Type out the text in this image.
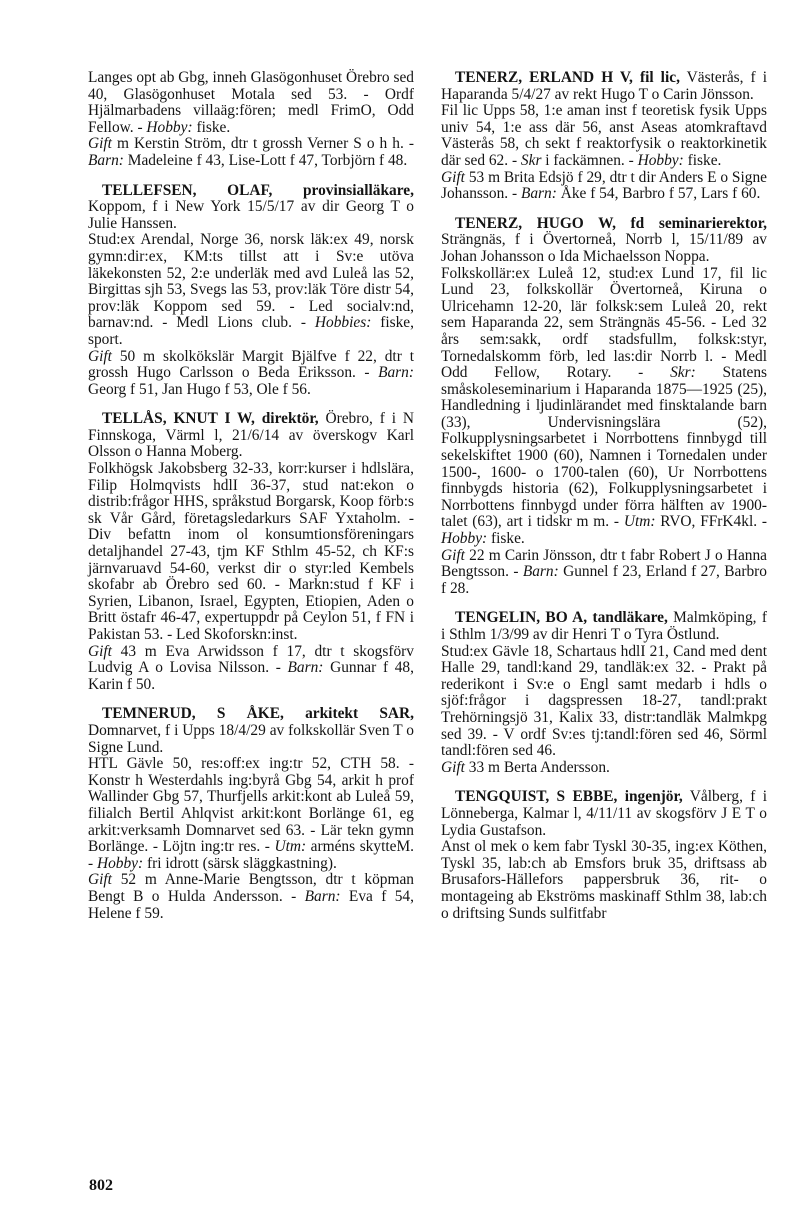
Langes opt ab Gbg, inneh Glasögonhuset Örebro sed 40, Glasögonhuset Motala sed 53. - Ordf Hjälmarbadens villaäg:fören; medl FrimO, Odd Fellow. - Hobby: fiske.

Gift m Kerstin Ström, dtr t grossh Verner S o h h. - Barn: Madeleine f 43, Lise-Lott f 47, Torbjörn f 48.

TELLEFSEN, OLAF, provinsialläkare, Koppom, f i New York 15/5/17 av dir Georg T o Julie Hanssen.

Stud:ex Arendal, Norge 36, norsk läk:ex 49, norsk gymn:dir:ex, KM:ts tillst att i Sv:e utöva läkekonsten 52, 2:e underläk med avd Luleå las 52, Birgittas sjh 53, Svegs las 53, prov:läk Töre distr 54, prov:läk Koppom sed 59. - Led socialv:nd, barnav:nd. - Medl Lions club. - Hobbies: fiske, sport.

Gift 50 m skolkökslär Margit Bjälfve f 22, dtr t grossh Hugo Carlsson o Beda Eriksson. - Barn: Georg f 51, Jan Hugo f 53, Ole f 56.

TELLÅS, KNUT I W, direktör, Örebro, f i N Finnskoga, Värml l, 21/6/14 av överskogv Karl Olsson o Hanna Moberg.

Folkhögsk Jakobsberg 32-33, korr:kurser i hdlslära, Filip Holmqvists hdlI 36-37, stud nat:ekon o distrib:frågor HHS, språkstud Borgarsk, Koop förb:s sk Vår Gård, företagsledarkurs SAF Yxtaholm. - Div befattn inom ol konsumtionsföreningars detaljhandel 27-43, tjm KF Sthlm 45-52, ch KF:s järnvaruavd 54-60, verkst dir o styr:led Kembels skofabr ab Örebro sed 60. - Markn:stud f KF i Syrien, Libanon, Israel, Egypten, Etiopien, Aden o Britt östafr 46-47, expertuppdr på Ceylon 51, f FN i Pakistan 53. - Led Skoforskn:inst.

Gift 43 m Eva Arwidsson f 17, dtr t skogsförv Ludvig A o Lovisa Nilsson. - Barn: Gunnar f 48, Karin f 50.

TEMNERUD, S ÅKE, arkitekt SAR, Domnarvet, f i Upps 18/4/29 av folkskollär Sven T o Signe Lund.

HTL Gävle 50, res:off:ex ing:tr 52, CTH 58. - Konstr h Westerdahls ing:byrå Gbg 54, arkit h prof Wallinder Gbg 57, Thurfjells arkit:kont ab Luleå 59, filialch Bertil Ahlqvist arkit:kont Borlänge 61, eg arkit:verksamh Domnarvet sed 63. - Lär tekn gymn Borlänge. - Löjtn ing:tr res. - Utm: arméns skytteM. - Hobby: fri idrott (särsk släggkastning).

Gift 52 m Anne-Marie Bengtsson, dtr t köpman Bengt B o Hulda Andersson. - Barn: Eva f 54, Helene f 59.

TENERZ, ERLAND H V, fil lic, Västerås, f i Haparanda 5/4/27 av rekt Hugo T o Carin Jönsson.

Fil lic Upps 58, 1:e aman inst f teoretisk fysik Upps univ 54, 1:e ass där 56, anst Aseas atomkraftavd Västerås 58, ch sekt f reaktorfysik o reaktorkinetik där sed 62. - Skr i fackämnen. - Hobby: fiske.

Gift 53 m Brita Edsjö f 29, dtr t dir Anders E o Signe Johansson. - Barn: Åke f 54, Barbro f 57, Lars f 60.

TENERZ, HUGO W, fd seminarierektor, Strängnäs, f i Övertorneå, Norrb l, 15/11/89 av Johan Johansson o Ida Michaelsson Noppa.

Folkskollär:ex Luleå 12, stud:ex Lund 17, fil lic Lund 23, folkskollär Övertorneå, Kiruna o Ulricehamn 12-20, lär folksk:sem Luleå 20, rekt sem Haparanda 22, sem Strängnäs 45-56. - Led 32 års sem:sakk, ordf stadsfullm, folksk:styr, Tornedalskomm förb, led las:dir Norrb l. - Medl Odd Fellow, Rotary. - Skr: Statens småskoleseminarium i Haparanda 1875—1925 (25), Handledning i ljudinlärandet med finsktalande barn (33), Undervisningslära (52), Folkupplysningsarbetet i Norrbottens finnbygd till sekelskiftet 1900 (60), Namnen i Tornedalen under 1500-, 1600- o 1700-talen (60), Ur Norrbottens finnbygds historia (62), Folkupplysningsarbetet i Norrbottens finnbygd under förra hälften av 1900-talet (63), art i tidskr m m. - Utm: RVO, FFrK4kl. - Hobby: fiske.

Gift 22 m Carin Jönsson, dtr t fabr Robert J o Hanna Bengtsson. - Barn: Gunnel f 23, Erland f 27, Barbro f 28.

TENGELIN, BO A, tandläkare, Malmköping, f i Sthlm 1/3/99 av dir Henri T o Tyra Östlund.

Stud:ex Gävle 18, Schartaus hdlI 21, Cand med dent Halle 29, tandl:kand 29, tandläk:ex 32. - Prakt på rederikont i Sv:e o Engl samt medarb i hdls o sjöf:frågor i dagspressen 18-27, tandl:prakt Trehörningsjö 31, Kalix 33, distr:tandläk Malmkpg sed 39. - V ordf Sv:es tj:tandl:fören sed 46, Sörml tandl:fören sed 46.

Gift 33 m Berta Andersson.

TENGQUIST, S EBBE, ingenjör, Vålberg, f i Lönneberga, Kalmar l, 4/11/11 av skogsförv J E T o Lydia Gustafson.

Anst ol mek o kem fabr Tyskl 30-35, ing:ex Köthen, Tyskl 35, lab:ch ab Emsfors bruk 35, driftsass ab Brusafors-Hällefors pappersbruk 36, rit- o montageing ab Ekströms maskinaff Sthlm 38, lab:ch o driftsing Sunds sulfitfabr

802
